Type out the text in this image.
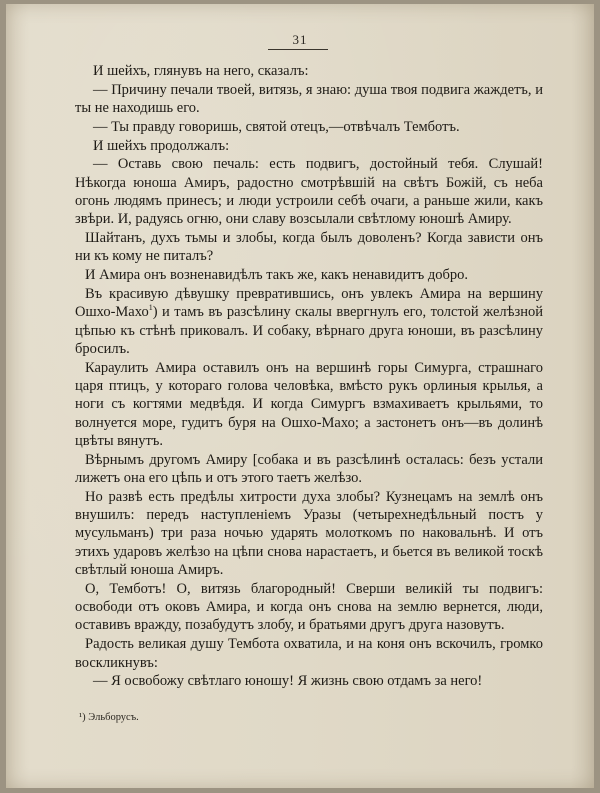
31

И шейхъ, глянувъ на него, сказалъ:

— Причину печали твоей, витязь, я знаю: душа твоя подвига жаждетъ, и ты не находишь его.

— Ты правду говоришь, святой отецъ,—отвѣчалъ Темботъ.

И шейхъ продолжалъ:

— Оставь свою печаль: есть подвигъ, достойный тебя. Слушай! Нѣкогда юноша Амиръ, радостно смотрѣвшій на свѣтъ Божій, съ неба огонь людямъ принесъ; и люди устроили себѣ очаги, а раньше жили, какъ звѣри. И, радуясь огню, они славу возсылали свѣтлому юношѣ Амиру.

Шайтанъ, духъ тьмы и злобы, когда былъ доволенъ? Когда зависти онъ ни къ кому не питалъ?

И Амира онъ возненавидѣлъ такъ же, какъ ненавидитъ добро.

Въ красивую дѣвушку превратившись, онъ увлекъ Амира на вершину Ошхо-Махо$^1$) и тамъ въ разсѣлину скалы ввергнулъ его, толстой желѣзной цѣпью къ стѣнѣ приковалъ. И собаку, вѣрнаго друга юноши, въ разсѣлину бросилъ.

Караулить Амира оставилъ онъ на вершинѣ горы Симурга, страшнаго царя птицъ, у котораго голова человѣка, вмѣсто рукъ орлиныя крылья, а ноги съ когтями медвѣдя. И когда Симургъ взмахиваетъ крыльями, то волнуется море, гудитъ буря на Ошхо-Махо; а застонетъ онъ—въ долинѣ цвѣты вянутъ.

Вѣрнымъ другомъ Амиру [собака и въ разсѣлинѣ осталась: безъ устали лижетъ она его цѣпь и отъ этого таетъ желѣзо.

Но развѣ есть предѣлы хитрости духа злобы? Кузнецамъ на землѣ онъ внушилъ: передъ наступленіемъ Уразы (четырехнедѣльный постъ у мусульманъ) три раза ночью ударять молоткомъ по наковальнѣ. И отъ этихъ ударовъ желѣзо на цѣпи снова нарастаетъ, и бьется въ великой тоскѣ свѣтлый юноша Амиръ.

О, Темботъ! О, витязь благородный! Сверши великій ты подвигъ: освободи отъ оковъ Амира, и когда онъ снова на землю вернется, люди, оставивъ вражду, позабудутъ злобу, и братьями другъ друга назовутъ.

Радость великая душу Тембота охватила, и на коня онъ вскочилъ, громко воскликнувъ:

— Я освобожу свѣтлаго юношу! Я жизнь свою отдамъ за него!

¹) Эльборусъ.
